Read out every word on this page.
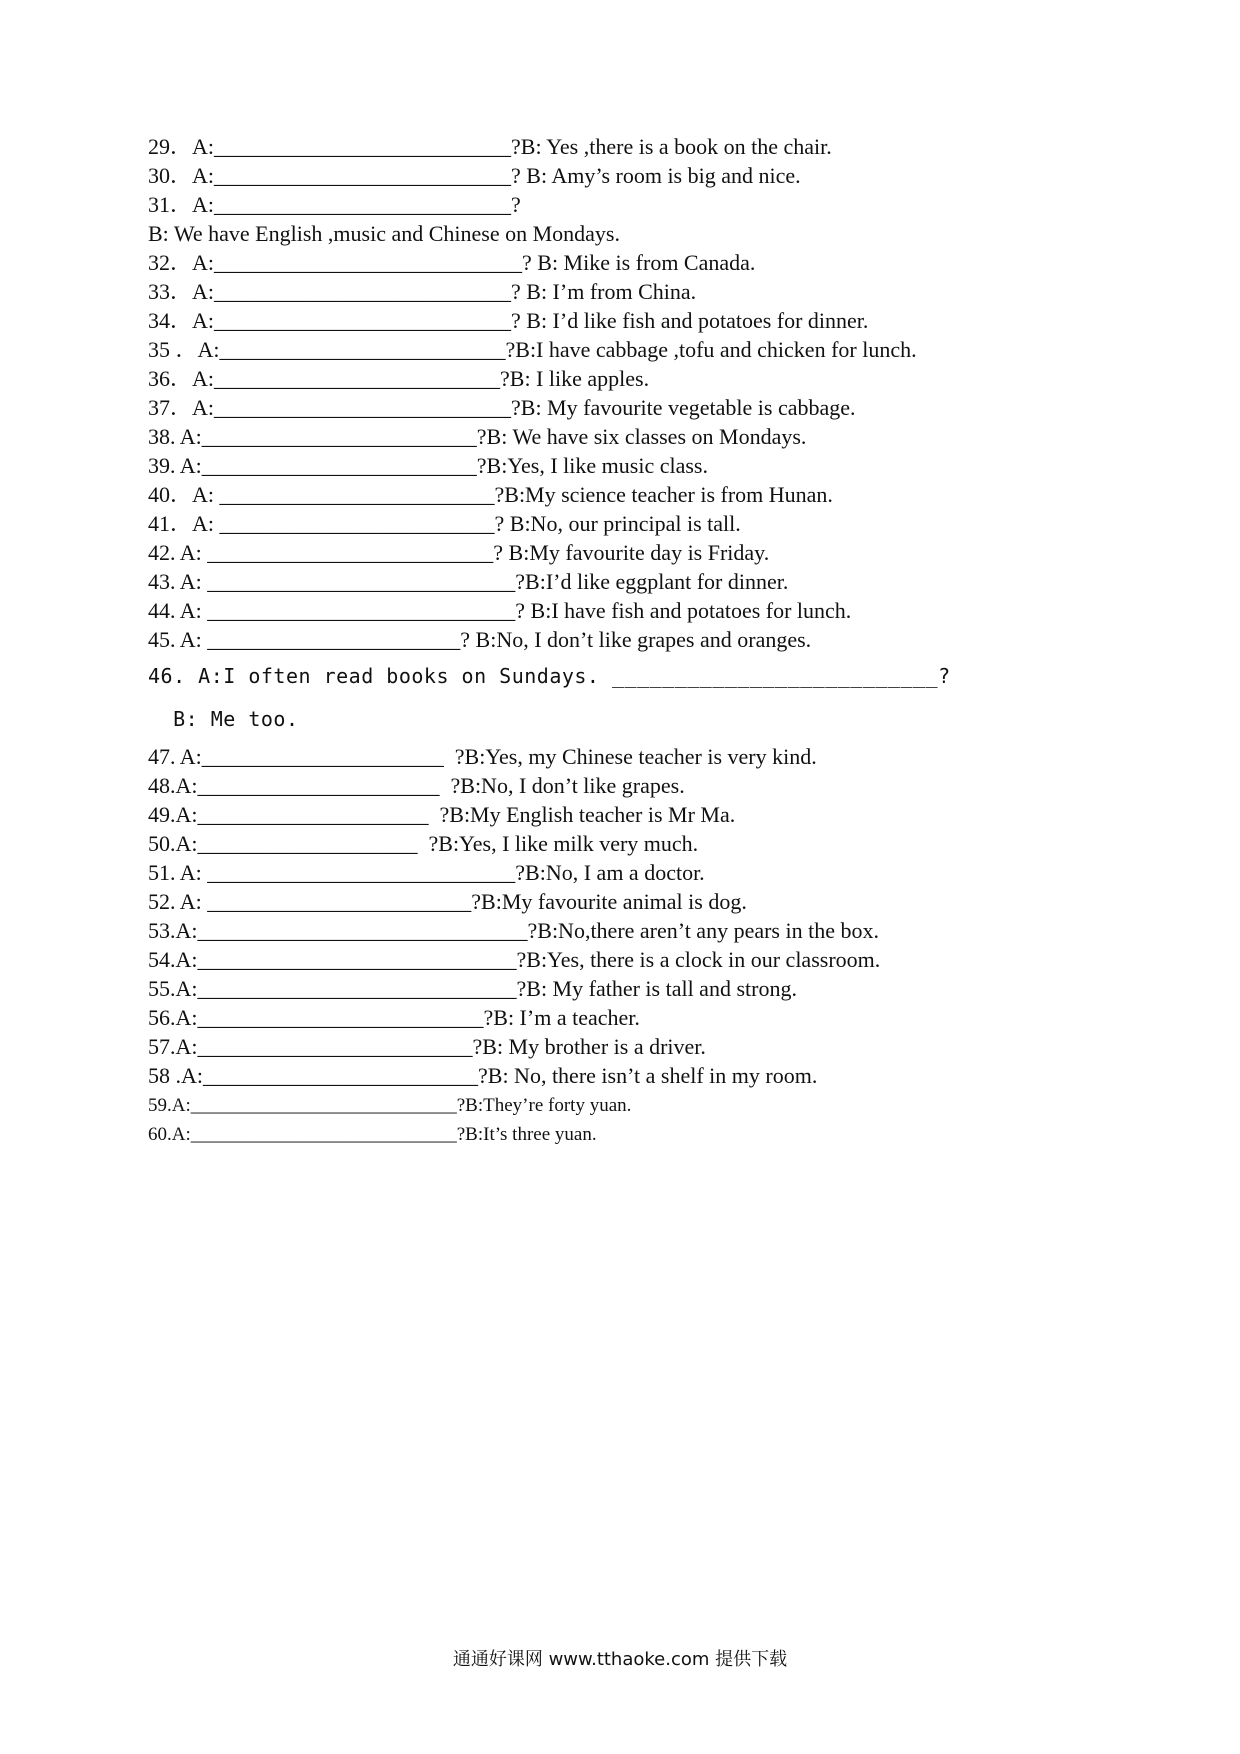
29．A:___________________________?B: Yes ,there is a book on the chair.
30．A:___________________________? B: Amy’s room is big and nice.
31．A:___________________________?
B: We have English ,music and Chinese on Mondays.
32．A:____________________________? B: Mike is from Canada.
33．A:___________________________? B: I’m from China.
34．A:___________________________? B: I’d like fish and potatoes for dinner.
35 ．A:__________________________?B:I have cabbage ,tofu and chicken for lunch.
36．A:__________________________?B: I like apples.
37．A:___________________________?B: My favourite vegetable is cabbage.
38. A:_________________________?B: We have six classes on Mondays.
39. A:_________________________?B:Yes, I like music class.
40．A: _________________________?B:My science teacher is from Hunan.
41．A: _________________________? B:No, our principal is tall.
42. A: __________________________? B:My favourite day is Friday.
43. A: ____________________________?B:I’d like eggplant for dinner.
44. A: ____________________________? B:I have fish and potatoes for lunch.
45. A: _______________________? B:No, I don’t like grapes and oranges.
46. A:I often read books on Sundays. __________________________?
B: Me too.
47. A:______________________  ?B:Yes, my Chinese teacher is very kind.
48.A:______________________  ?B:No, I don’t like grapes.
49.A:_____________________  ?B:My English teacher is Mr Ma.
50.A:____________________  ?B:Yes, I like milk very much.
51. A: ____________________________?B:No, I am a doctor.
52. A: ________________________?B:My favourite animal is dog.
53.A:______________________________?B:No,there aren’t any pears in the box.
54.A:_____________________________?B:Yes, there is a clock in our classroom.
55.A:_____________________________?B: My father is tall and strong.
56.A:__________________________?B: I’m a teacher.
57.A:_________________________?B: My brother is a driver.
58 .A:_________________________?B: No, there isn’t a shelf in my room.
59.A:____________________________?B:They’re forty yuan.
60.A:____________________________?B:It’s three yuan.
通通好课网 www.tthaoke.com 提供下载
